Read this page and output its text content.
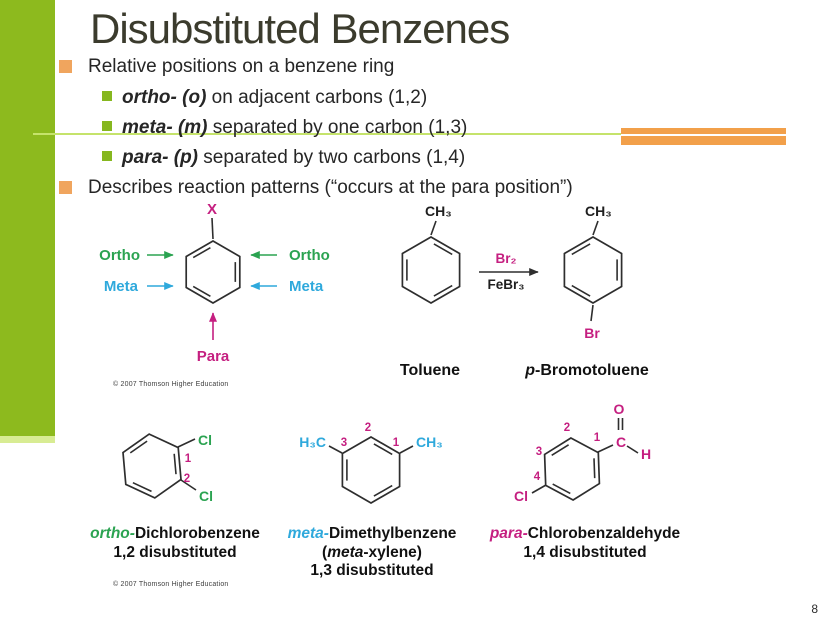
Disubstituted Benzenes
Relative positions on a benzene ring
ortho- (o) on adjacent carbons (1,2)
meta- (m) separated by one carbon (1,3)
para- (p) separated by two carbons (1,4)
Describes reaction patterns (“occurs at the para position”)
X
Ortho	Ortho
Meta	Meta
Para
CH₃
Br₂
FeBr₃
CH₃
Br
Cl
1
2
Cl
H₃C 3
2
1 CH₃
O
C
H
2
1
3
4
Cl
Toluene	p-Bromotoluene
ortho-Dichlorobenzene
1,2 disubstituted
meta-Dimethylbenzene
(meta-xylene)
1,3 disubstituted
para-Chlorobenzaldehyde
1,4 disubstituted
© 2007 Thomson Higher Education
© 2007 Thomson Higher Education
8
